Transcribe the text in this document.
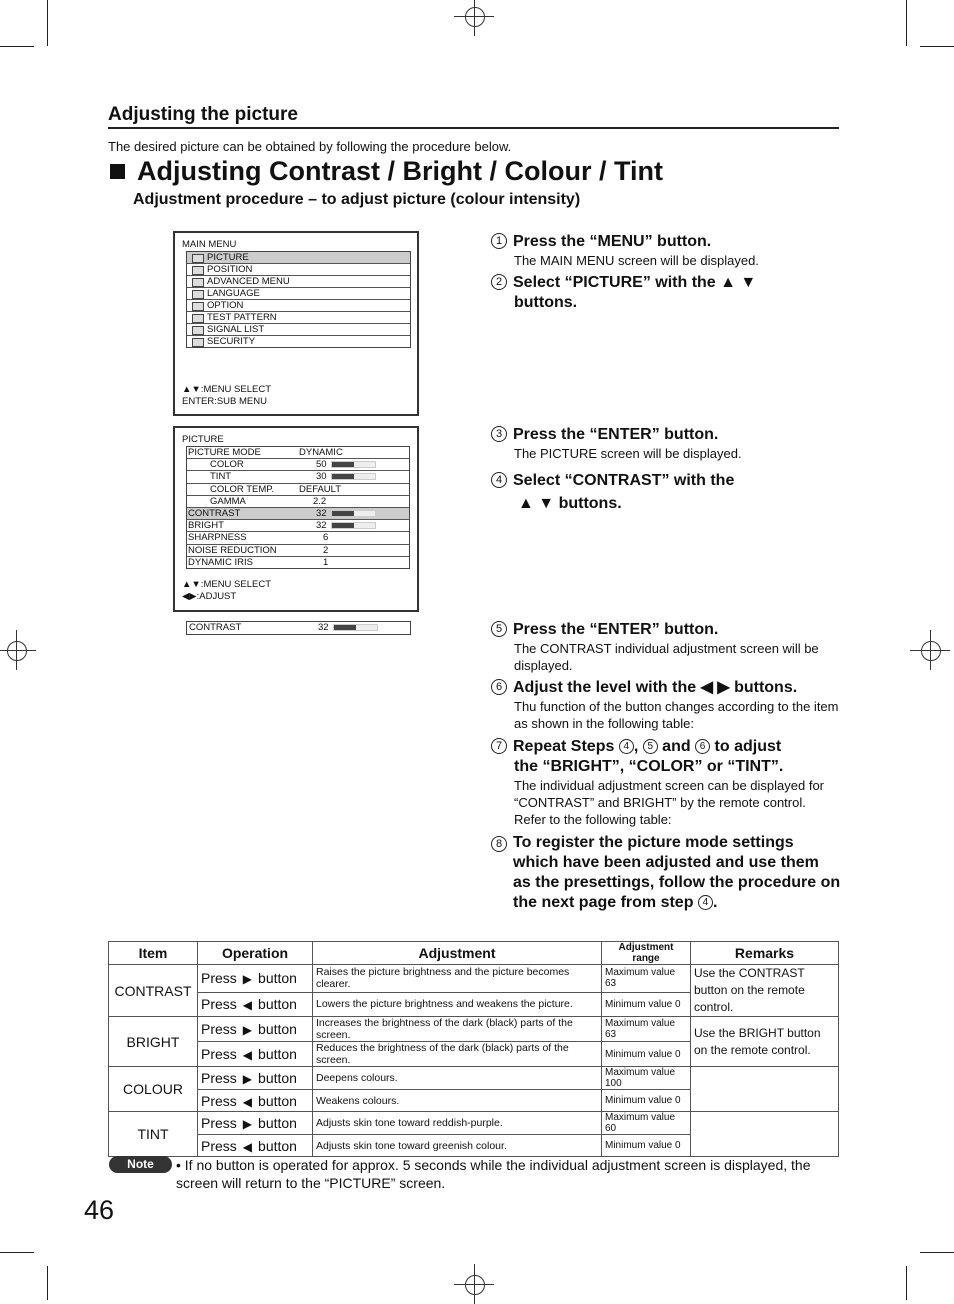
Adjusting the picture
The desired picture can be obtained by following the procedure below.
Adjusting Contrast / Bright / Colour / Tint
Adjustment procedure – to adjust picture (colour intensity)
MAIN MENU
PICTURE
POSITION
ADVANCED MENU
LANGUAGE
OPTION
TEST PATTERN
SIGNAL LIST
SECURITY
▲▼:MENU SELECT
ENTER:SUB MENU
PICTURE
PICTURE MODE	DYNAMIC
COLOR	50
TINT	30
COLOR TEMP.	DEFAULT
GAMMA	2.2
CONTRAST	32
BRIGHT	32
SHARPNESS	6
NOISE REDUCTION	2
DYNAMIC IRIS	1
▲▼:MENU SELECT
◀▶:ADJUST
CONTRAST	32
1 Press the “MENU” button.
The MAIN MENU screen will be displayed.
2 Select “PICTURE” with the ▲ ▼
buttons.
3 Press the “ENTER” button.
The PICTURE screen will be displayed.
4 Select “CONTRAST” with the
▲ ▼ buttons.
5 Press the “ENTER” button.
The CONTRAST individual adjustment screen will be displayed.
6 Adjust the level with the ◀ ▶ buttons.
Thu function of the button changes according to the item as shown in the following table:
7 Repeat Steps 4 , 5 and 6 to adjust
the “BRIGHT”, “COLOR” or “TINT”.
The individual adjustment screen can be displayed for “CONTRAST” and BRIGHT” by the remote control. Refer to the following table:
8 To register the picture mode settings which have been adjusted and use them as the presettings, follow the procedure on the next page from step 4 .
Item	Operation	Adjustment	Adjustment range	Remarks
CONTRAST	Press ▶ button	Raises the picture brightness and the picture becomes clearer.	Maximum value 63	Use the CONTRAST button on the remote control.
	Press ◀ button	Lowers the picture brightness and weakens the picture.	Minimum value 0	
BRIGHT	Press ▶ button	Increases the brightness of the dark (black) parts of the screen.	Maximum value 63	Use the BRIGHT button on the remote control.
	Press ◀ button	Reduces the brightness of the dark (black) parts of the screen.	Minimum value 0	
COLOUR	Press ▶ button	Deepens colours.	Maximum value 100	
	Press ◀ button	Weakens colours.	Minimum value 0	
TINT	Press ▶ button	Adjusts skin tone toward reddish-purple.	Maximum value 60	
	Press ◀ button	Adjusts skin tone toward greenish colour.	Minimum value 0	
Note	• If no button is operated for approx. 5 seconds while the individual adjustment screen is displayed, the screen will return to the “PICTURE” screen.
46
